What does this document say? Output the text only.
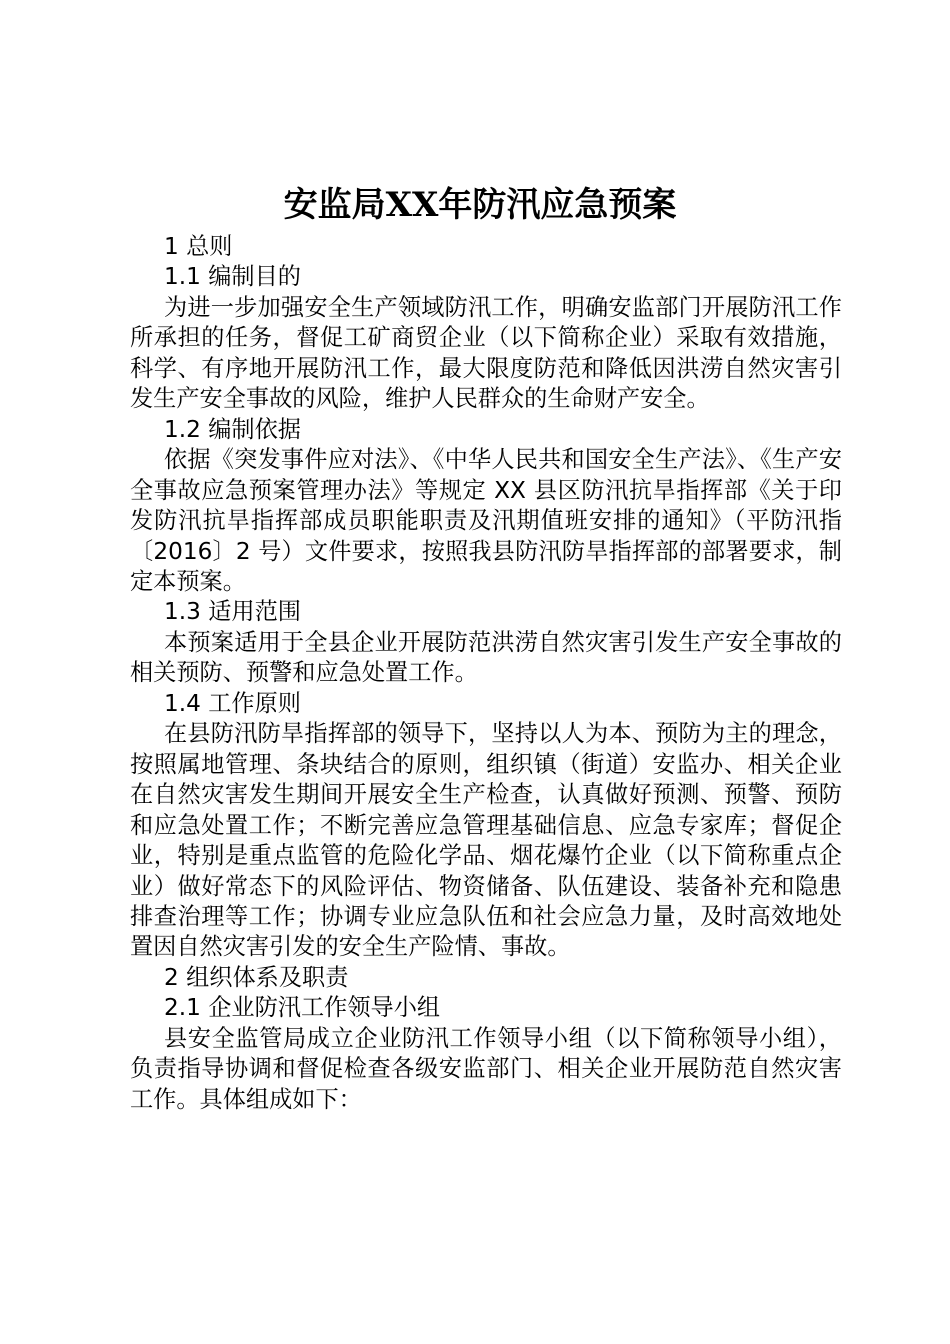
安监局XX年防汛应急预案

1 总则

1.1 编制目的

为进一步加强安全生产领域防汛工作，明确安监部门开展防汛工作所承担的任务，督促工矿商贸企业（以下简称企业）采取有效措施，科学、有序地开展防汛工作，最大限度防范和降低因洪涝自然灾害引发生产安全事故的风险，维护人民群众的生命财产安全。

1.2 编制依据

依据《突发事件应对法》、《中华人民共和国安全生产法》、《生产安全事故应急预案管理办法》等规定 XX 县区防汛抗旱指挥部《关于印发防汛抗旱指挥部成员职能职责及汛期值班安排的通知》（平防汛指〔2016〕2 号）文件要求，按照我县防汛防旱指挥部的部署要求，制定本预案。

1.3 适用范围

本预案适用于全县企业开展防范洪涝自然灾害引发生产安全事故的相关预防、预警和应急处置工作。

1.4 工作原则

在县防汛防旱指挥部的领导下，坚持以人为本、预防为主的理念，按照属地管理、条块结合的原则，组织镇（街道）安监办、相关企业在自然灾害发生期间开展安全生产检查，认真做好预测、预警、预防和应急处置工作；不断完善应急管理基础信息、应急专家库；督促企业，特别是重点监管的危险化学品、烟花爆竹企业（以下简称重点企业）做好常态下的风险评估、物资储备、队伍建设、装备补充和隐患排查治理等工作；协调专业应急队伍和社会应急力量，及时高效地处置因自然灾害引发的安全生产险情、事故。

2 组织体系及职责

2.1 企业防汛工作领导小组

县安全监管局成立企业防汛工作领导小组（以下简称领导小组），负责指导协调和督促检查各级安监部门、相关企业开展防范自然灾害工作。具体组成如下：
